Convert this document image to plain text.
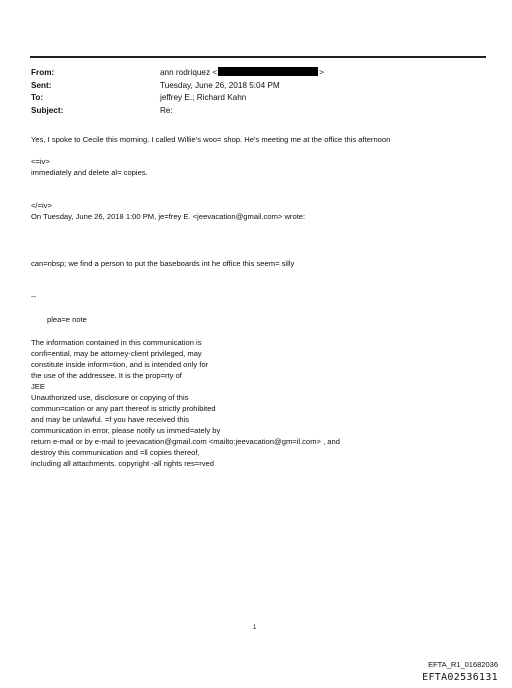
From:	ann rodriquez <	>
Sent:	Tuesday, June 26, 2018 5:04 PM
To:	jeffrey E.; Richard Kahn
Subject:	Re:
Yes, I spoke to Cecile this morning. I called Willie's woo= shop. He's meeting me at the office this afternoon
<=iv>
immediately and delete al= copies.
</=iv>
On Tuesday, June 26, 2018 1:00 PM, je=frey E. <jeevacation@gmail.com> wrote:
can=nbsp; we find a person to put the baseboards int he office this seem= silly
--
plea=e note
The information contained in this communication is
confi=ential, may be attorney-client privileged, may
constitute inside inform=tion, and is intended only for
the use of the addressee. It is the prop=rty of
JEE
Unauthorized use, disclosure or copying of this
commun=cation or any part thereof is strictly prohibited
and may be unlawful. =f you have received this
communication in error, please notify us immed=ately by
return e-mail or by e-mail to jeevacation@gmail.com <mailto:jeevacation@gm=il.com> , and
destroy this communication and =ll copies thereof,
including all attachments. copyright -all rights res=rved
1
EFTA_R1_01682036
EFTA02536131
